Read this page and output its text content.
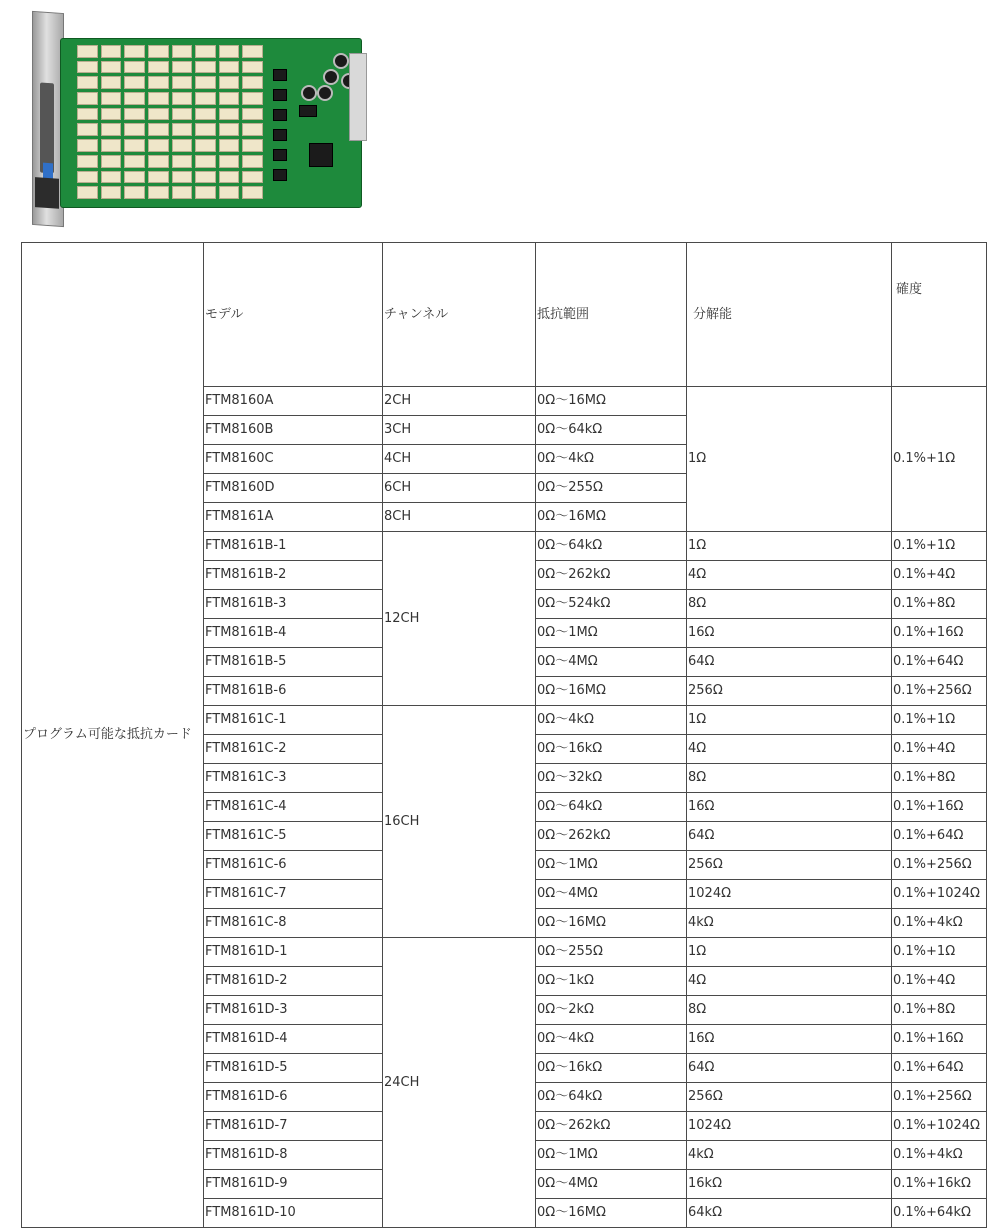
プログラム可能な抵抗カード	モデル	チャンネル	抵抗範囲	分解能	確度
	FTM8160A	2CH	0Ω～16MΩ	1Ω	0.1%+1Ω
	FTM8160B	3CH	0Ω～64kΩ		
	FTM8160C	4CH	0Ω～4kΩ		
	FTM8160D	6CH	0Ω～255Ω		
	FTM8161A	8CH	0Ω～16MΩ		
	FTM8161B-1	12CH	0Ω～64kΩ	1Ω	0.1%+1Ω
	FTM8161B-2		0Ω～262kΩ	4Ω	0.1%+4Ω
	FTM8161B-3		0Ω～524kΩ	8Ω	0.1%+8Ω
	FTM8161B-4		0Ω～1MΩ	16Ω	0.1%+16Ω
	FTM8161B-5		0Ω～4MΩ	64Ω	0.1%+64Ω
	FTM8161B-6		0Ω～16MΩ	256Ω	0.1%+256Ω
	FTM8161C-1	16CH	0Ω～4kΩ	1Ω	0.1%+1Ω
	FTM8161C-2		0Ω～16kΩ	4Ω	0.1%+4Ω
	FTM8161C-3		0Ω～32kΩ	8Ω	0.1%+8Ω
	FTM8161C-4		0Ω～64kΩ	16Ω	0.1%+16Ω
	FTM8161C-5		0Ω～262kΩ	64Ω	0.1%+64Ω
	FTM8161C-6		0Ω～1MΩ	256Ω	0.1%+256Ω
	FTM8161C-7		0Ω～4MΩ	1024Ω	0.1%+1024Ω
	FTM8161C-8		0Ω～16MΩ	4kΩ	0.1%+4kΩ
	FTM8161D-1	24CH	0Ω～255Ω	1Ω	0.1%+1Ω
	FTM8161D-2		0Ω～1kΩ	4Ω	0.1%+4Ω
	FTM8161D-3		0Ω～2kΩ	8Ω	0.1%+8Ω
	FTM8161D-4		0Ω～4kΩ	16Ω	0.1%+16Ω
	FTM8161D-5		0Ω～16kΩ	64Ω	0.1%+64Ω
	FTM8161D-6		0Ω～64kΩ	256Ω	0.1%+256Ω
	FTM8161D-7		0Ω～262kΩ	1024Ω	0.1%+1024Ω
	FTM8161D-8		0Ω～1MΩ	4kΩ	0.1%+4kΩ
	FTM8161D-9		0Ω～4MΩ	16kΩ	0.1%+16kΩ
	FTM8161D-10		0Ω～16MΩ	64kΩ	0.1%+64kΩ
